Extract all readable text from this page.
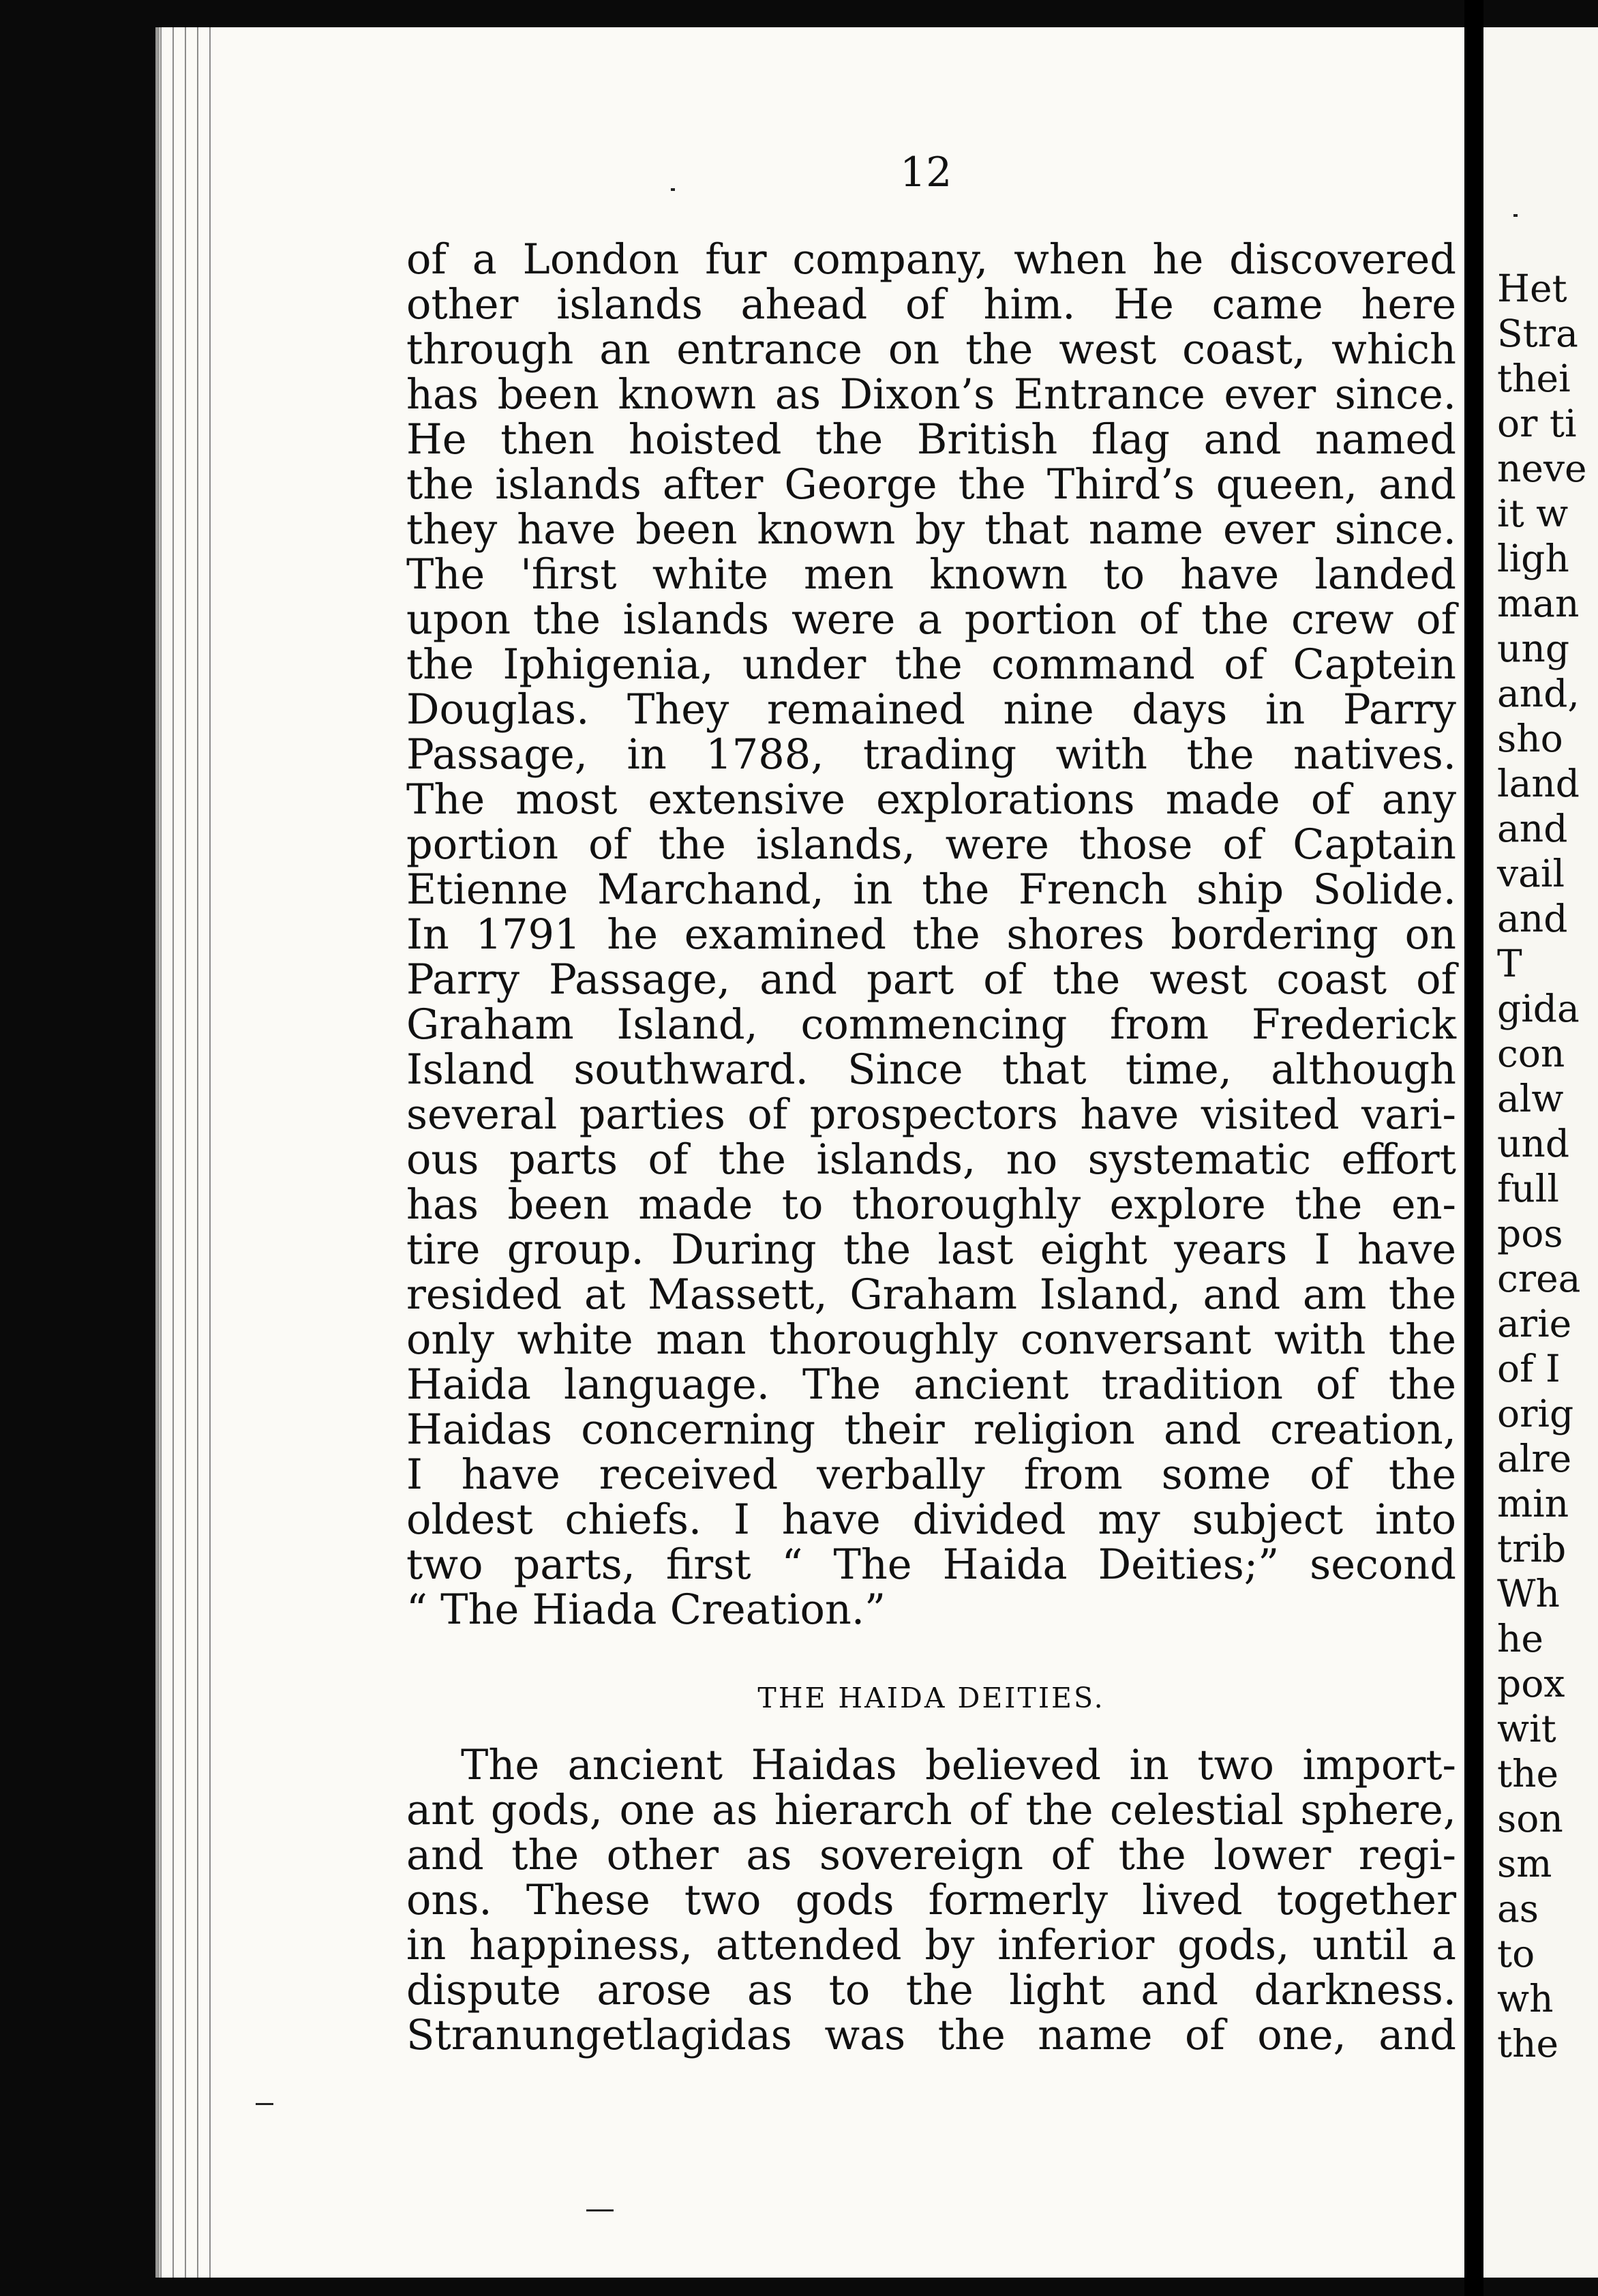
12
of a London fur company, when he discovered
other islands ahead of him. He came here
through an entrance on the west coast, which
has been known as Dixon’s Entrance ever since.
He then hoisted the British flag and named
the islands after George the Third’s queen, and
they have been known by that name ever since.
The 'first white men known to have landed
upon the islands were a portion of the crew of
the Iphigenia, under the command of Captein
Douglas. They remained nine days in Parry
Passage, in 1788, trading with the natives.
The most extensive explorations made of any
portion of the islands, were those of Captain
Etienne Marchand, in the French ship Solide.
In 1791 he examined the shores bordering on
Parry Passage, and part of the west coast of
Graham Island, commencing from Frederick
Island southward. Since that time, although
several parties of prospectors have visited vari-
ous parts of the islands, no systematic effort
has been made to thoroughly explore the en-
tire group. During the last eight years I have
resided at Massett, Graham Island, and am the
only white man thoroughly conversant with the
Haida language. The ancient tradition of the
Haidas concerning their religion and creation,
I have received verbally from some of the
oldest chiefs. I have divided my subject into
two parts, first “ The Haida Deities;” second
“ The Hiada Creation.”
THE HAIDA DEITIES.
The ancient Haidas believed in two import-
ant gods, one as hierarch of the celestial sphere,
and the other as sovereign of the lower regi-
ons. These two gods formerly lived together
in happiness, attended by inferior gods, until a
dispute arose as to the light and darkness.
Stranungetlagidas was the name of one, and
Het
Stra
thei
or ti
neve
it w
ligh
man
ung
and,
sho
land
and
vail
and
T
gida
con
alw
und
full
pos
crea
arie
of I
orig
alre
min
trib
Wh
he
pox
wit
the
son
sm
as
to
wh
the
